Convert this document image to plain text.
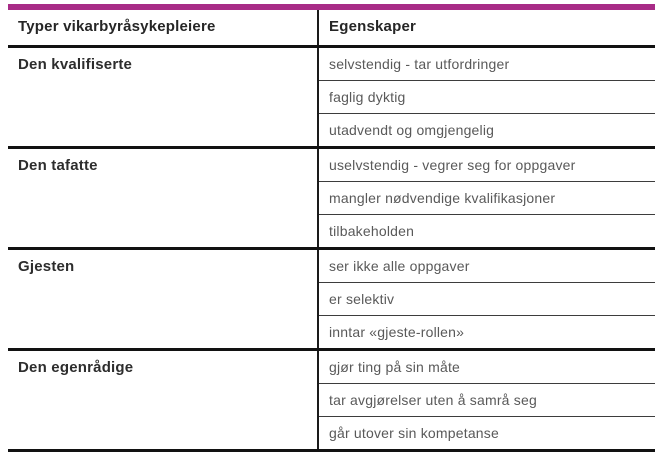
Typer vikarbyråsykepleiere	Egenskaper
Den kvalifiserte	selvstendig - tar utfordringer
	faglig dyktig
	utadvendt og omgjengelig
Den tafatte	uselvstendig - vegrer seg for oppgaver
	mangler nødvendige kvalifikasjoner
	tilbakeholden
Gjesten	ser ikke alle oppgaver
	er selektiv
	inntar «gjeste-rollen»
Den egenrådige	gjør ting på sin måte
	tar avgjørelser uten å samrå seg
	går utover sin kompetanse
